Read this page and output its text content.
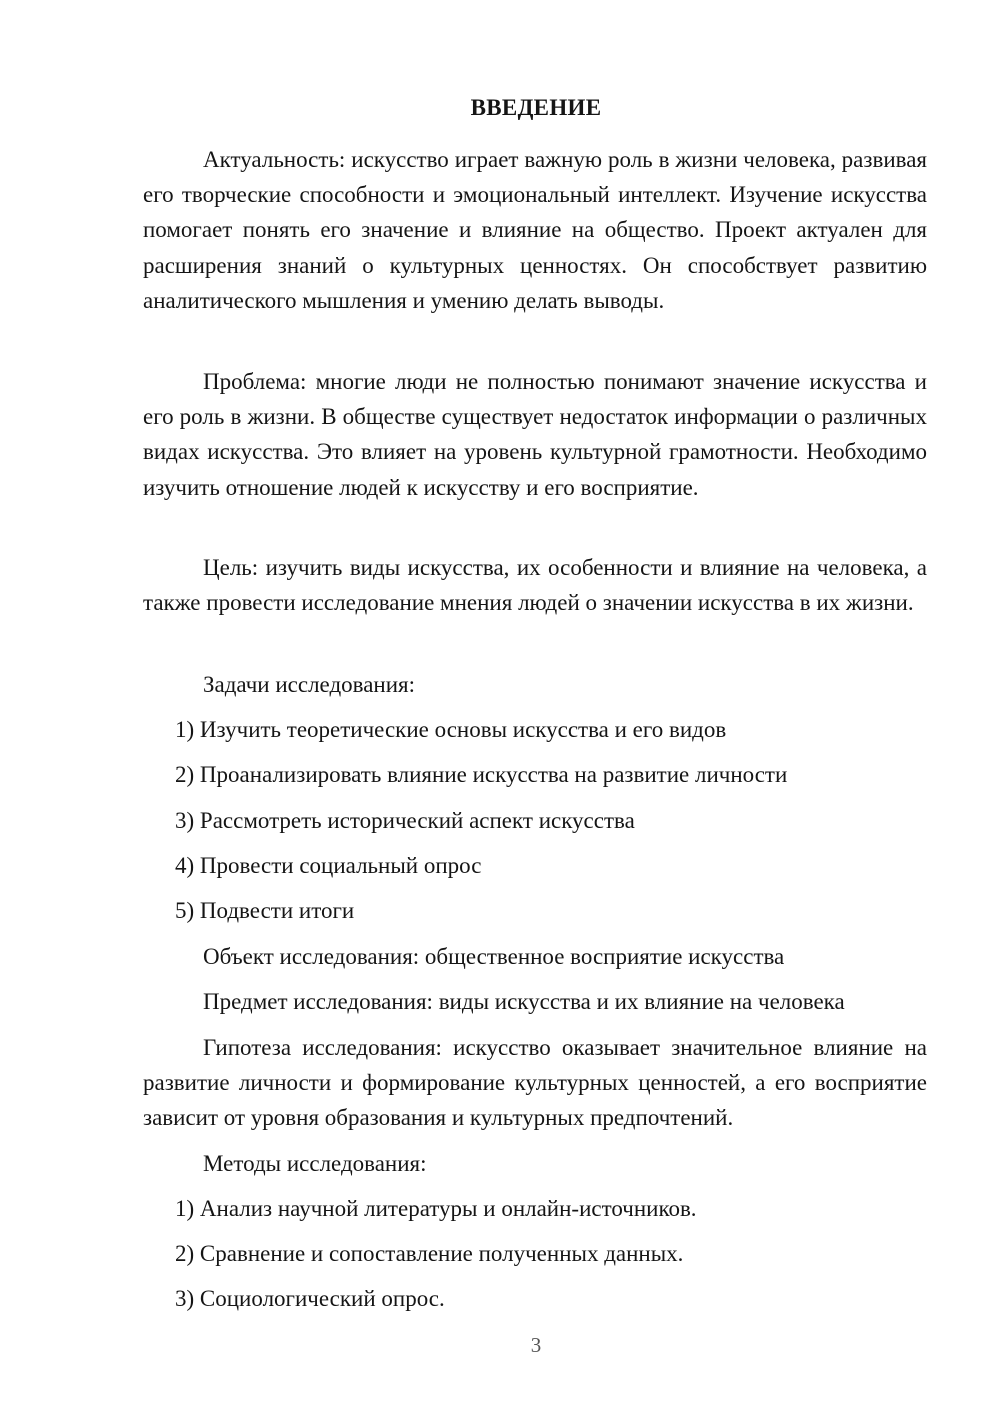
ВВЕДЕНИЕ

Актуальность: искусство играет важную роль в жизни человека, развивая его творческие способности и эмоциональный интеллект. Изучение искусства помогает понять его значение и влияние на общество. Проект актуален для расширения знаний о культурных ценностях. Он способствует развитию аналитического мышления и умению делать выводы.

Проблема: многие люди не полностью понимают значение искусства и его роль в жизни. В обществе существует недостаток информации о различных видах искусства. Это влияет на уровень культурной грамотности. Необходимо изучить отношение людей к искусству и его восприятие.

Цель: изучить виды искусства, их особенности и влияние на человека, а также провести исследование мнения людей о значении искусства в их жизни.

Задачи исследования:

1) Изучить теоретические основы искусства и его видов

2) Проанализировать влияние искусства на развитие личности

3) Рассмотреть исторический аспект искусства

4) Провести социальный опрос

5) Подвести итоги

Объект исследования: общественное восприятие искусства

Предмет исследования: виды искусства и их влияние на человека

Гипотеза исследования: искусство оказывает значительное влияние на развитие личности и формирование культурных ценностей, а его восприятие зависит от уровня образования и культурных предпочтений.

Методы исследования:

1) Анализ научной литературы и онлайн-источников.

2) Сравнение и сопоставление полученных данных.

3) Социологический опрос.

3
